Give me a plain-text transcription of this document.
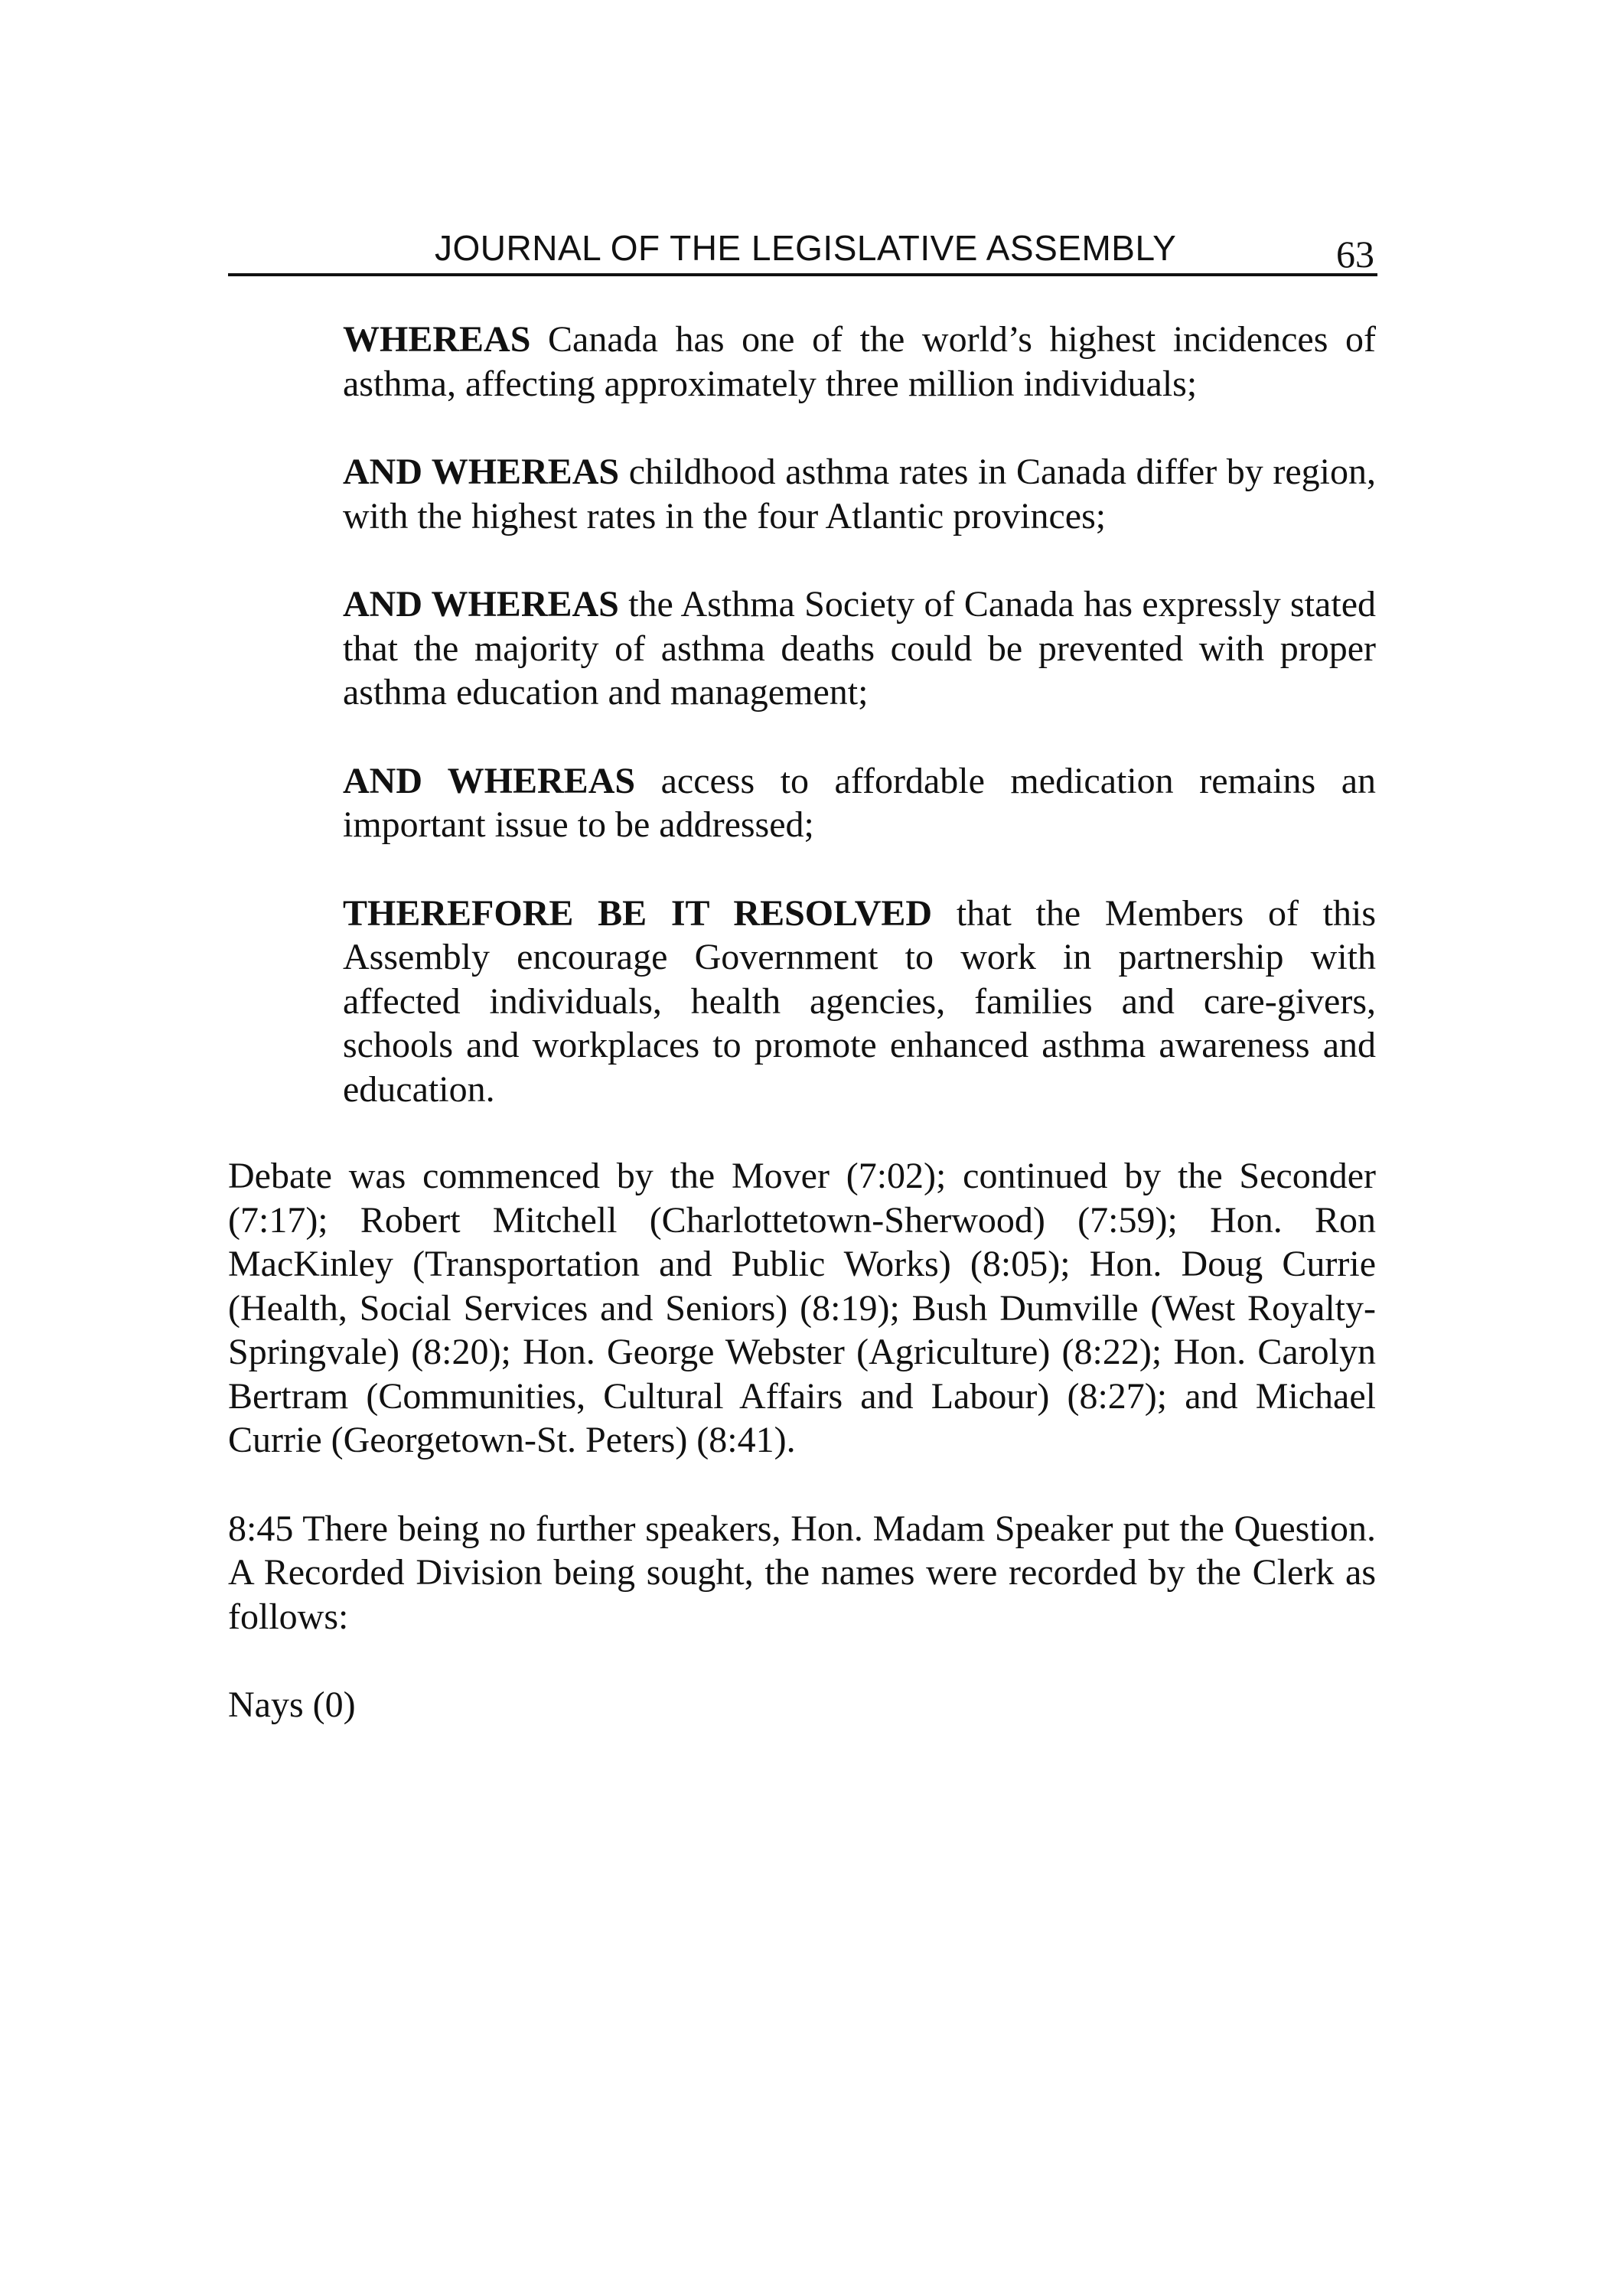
JOURNAL OF THE LEGISLATIVE ASSEMBLY	63

WHEREAS Canada has one of the world’s highest incidences of asthma, affecting approximately three million individuals;

AND WHEREAS childhood asthma rates in Canada differ by region, with the highest rates in the four Atlantic provinces;

AND WHEREAS the Asthma Society of Canada has expressly stated that the majority of asthma deaths could be prevented with proper asthma education and management;

AND WHEREAS access to affordable medication remains an important issue to be addressed;

THEREFORE BE IT RESOLVED that the Members of this Assembly encourage Government to work in partnership with affected individuals, health agencies, families and care-givers, schools and workplaces to promote enhanced asthma awareness and education.

Debate was commenced by the Mover (7:02); continued by the Seconder (7:17); Robert Mitchell (Charlottetown-Sherwood) (7:59); Hon. Ron MacKinley (Transportation and Public Works) (8:05); Hon. Doug Currie (Health, Social Services and Seniors) (8:19); Bush Dumville (West Royalty-Springvale) (8:20); Hon. George Webster (Agriculture) (8:22); Hon. Carolyn Bertram (Communities, Cultural Affairs and Labour) (8:27); and Michael Currie (Georgetown-St. Peters) (8:41).

8:45 There being no further speakers, Hon. Madam Speaker put the Question. A Recorded Division being sought, the names were recorded by the Clerk as follows:

Nays (0)
